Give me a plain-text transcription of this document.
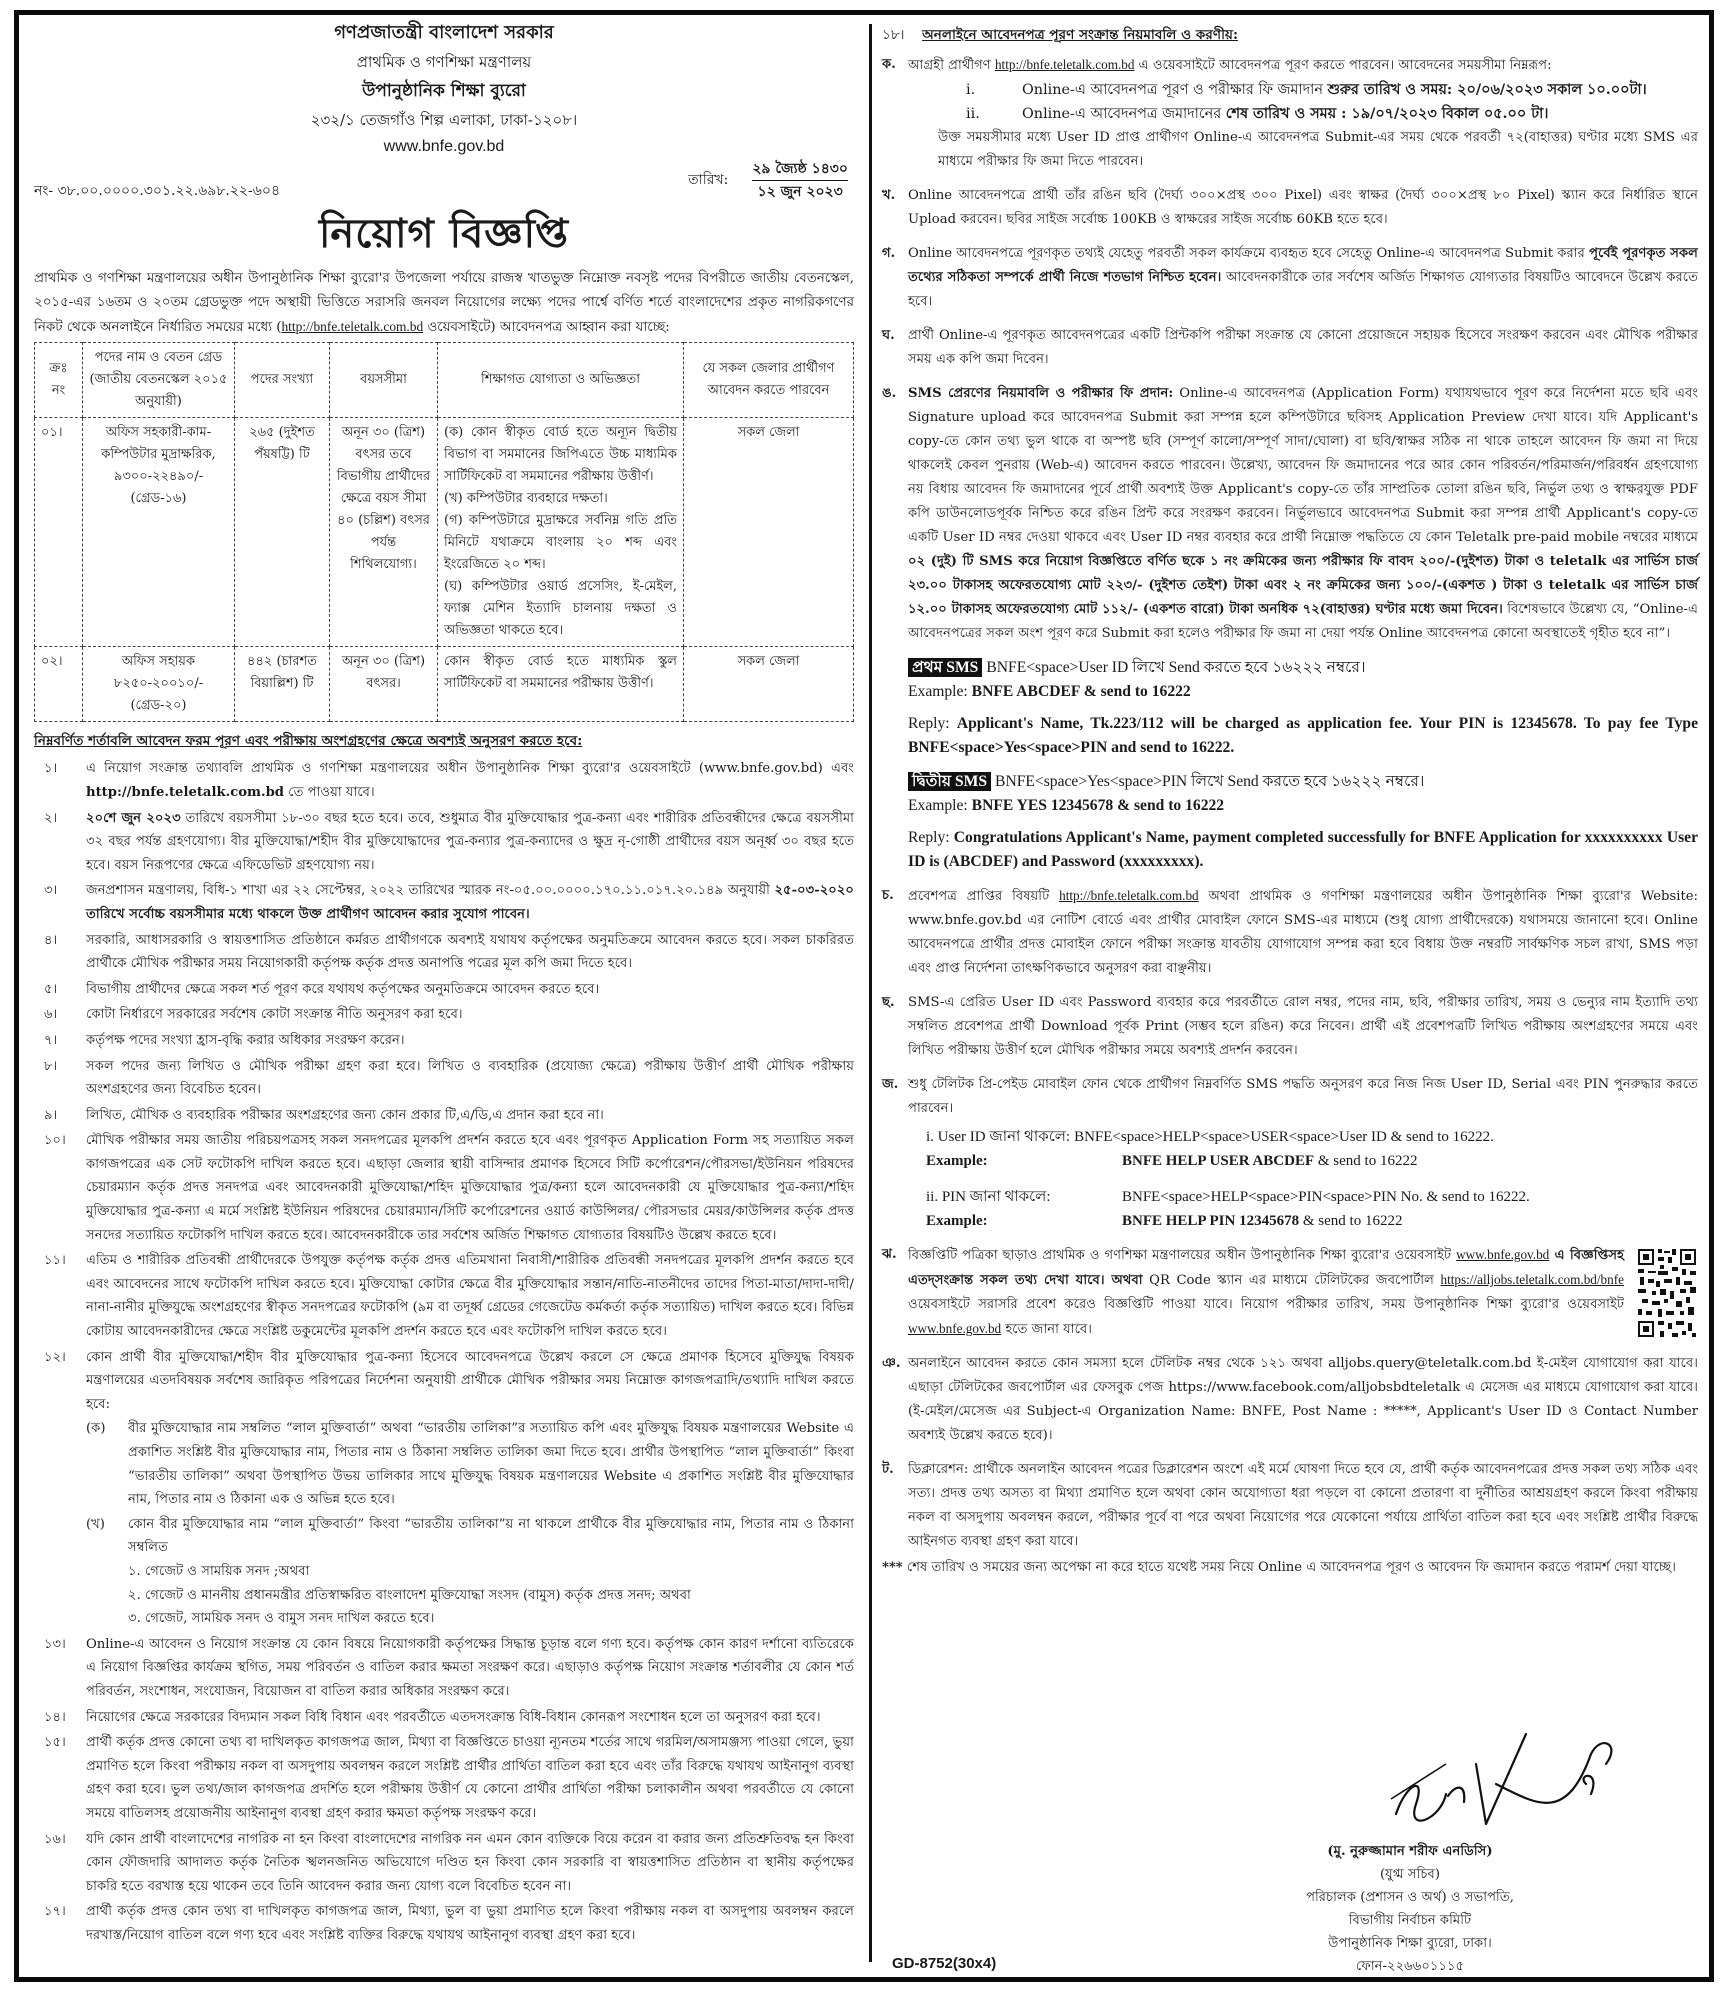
গণপ্রজাতন্ত্রী বাংলাদেশ সরকার
প্রাথমিক ও গণশিক্ষা মন্ত্রণালয়
উপানুষ্ঠানিক শিক্ষা ব্যুরো
২৩২/১ তেজগাঁও শিল্প এলাকা, ঢাকা-১২০৮।
www.bnfe.gov.bd
নং- ৩৮.০০.০০০০.৩০১.২২.৬৯৮.২২-৬০৪
তারিখ:
২৯ জ্যৈষ্ঠ ১৪৩০
১২ জুন ২০২৩
নিয়োগ বিজ্ঞপ্তি

প্রাথমিক ও গণশিক্ষা মন্ত্রণালয়ের অধীন উপানুষ্ঠানিক শিক্ষা ব্যুরো'র উপজেলা পর্যায়ে রাজস্ব খাতভুক্ত নিম্নোক্ত নবসৃষ্ট পদের বিপরীতে জাতীয় বেতনস্কেল, ২০১৫-এর ১৬তম ও ২০তম গ্রেডভুক্ত পদে অস্থায়ী ভিত্তিতে সরাসরি জনবল নিয়োগের লক্ষ্যে পদের পার্শ্বে বর্ণিত শর্তে বাংলাদেশের প্রকৃত নাগরিকগণের নিকট থেকে অনলাইনে নির্ধারিত সময়ের মধ্যে (http://bnfe.teletalk.com.bd ওয়েবসাইটে) আবেদনপত্র আহ্বান করা যাচ্ছে:

ক্রঃ নং	পদের নাম ও বেতন গ্রেড (জাতীয় বেতনস্কেল ২০১৫ অনুযায়ী)	পদের সংখ্যা	বয়সসীমা	শিক্ষাগত যোগ্যতা ও অভিজ্ঞতা	যে সকল জেলার প্রার্থীগণ আবেদন করতে পারবেন
০১।	অফিস সহকারী-কাম-কম্পিউটার মুদ্রাক্ষরিক, ৯৩০০-২২৪৯০/- (গ্রেড-১৬)	২৬৫ (দুইশত পঁয়ষট্টি) টি	অনূন ৩০ (ত্রিশ) বৎসর তবে বিভাগীয় প্রার্থীদের ক্ষেত্রে বয়স সীমা ৪০ (চল্লিশ) বৎসর পর্যন্ত শিথিলযোগ্য।	(ক) কোন স্বীকৃত বোর্ড হতে অন্যূন দ্বিতীয় বিভাগ বা সমমানের জিপিএতে উচ্চ মাধ্যমিক সার্টিফিকেট বা সমমানের পরীক্ষায় উত্তীর্ণ।
(খ) কম্পিউটার ব্যবহারে দক্ষতা।
(গ) কম্পিউটারে মুদ্রাক্ষরে সর্বনিম্ন গতি প্রতি মিনিটে যথাক্রমে বাংলায় ২০ শব্দ এবং ইংরেজিতে ২০ শব্দ।
(ঘ) কম্পিউটার ওয়ার্ড প্রসেসিং, ই-মেইল, ফ্যাক্স মেশিন ইত্যাদি চালনায় দক্ষতা ও অভিজ্ঞতা থাকতে হবে।	সকল জেলা
০২।	অফিস সহায়ক ৮২৫০-২০০১০/- (গ্রেড-২০)	৪৪২ (চারশত বিয়াল্লিশ) টি	অনূন ৩০ (ত্রিশ) বৎসর।	কোন স্বীকৃত বোর্ড হতে মাধ্যমিক স্কুল সার্টিফিকেট বা সমমানের পরীক্ষায় উত্তীর্ণ।	সকল জেলা
নিম্নবর্ণিত শর্তাবলি আবেদন ফরম পূরণ এবং পরীক্ষায় অংশগ্রহণের ক্ষেত্রে অবশ্যই অনুসরণ করতে হবে:
১।	এ নিয়োগ সংক্রান্ত তথ্যাবলি প্রাথমিক ও গণশিক্ষা মন্ত্রণালয়ের অধীন উপানুষ্ঠানিক শিক্ষা ব্যুরো'র ওয়েবসাইটে (www.bnfe.gov.bd) এবং http://bnfe.teletalk.com.bd তে পাওয়া যাবে।
২।	২০শে জুন ২০২৩ তারিখে বয়সসীমা ১৮-৩০ বছর হতে হবে। তবে, শুধুমাত্র বীর মুক্তিযোদ্ধার পুত্র-কন্যা এবং শারীরিক প্রতিবন্ধীদের ক্ষেত্রে বয়সসীমা ৩২ বছর পর্যন্ত গ্রহণযোগ্য। বীর মুক্তিযোদ্ধা/শহীদ বীর মুক্তিযোদ্ধাদের পুত্র-কন্যার পুত্র-কন্যাদের ও ক্ষুদ্র নৃ-গোষ্ঠী প্রার্থীদের বয়স অনূর্ধ্ব ৩০ বছর হতে হবে। বয়স নিরূপণের ক্ষেত্রে এফিডেভিট গ্রহণযোগ্য নয়।
৩।	জনপ্রশাসন মন্ত্রণালয়, বিধি-১ শাখা এর ২২ সেপ্টেম্বর, ২০২২ তারিখের স্মারক নং-০৫.০০.০০০০.১৭০.১১.০১৭.২০.১৪৯ অনুযায়ী ২৫-০৩-২০২০ তারিখে সর্বোচ্চ বয়সসীমার মধ্যে থাকলে উক্ত প্রার্থীগণ আবেদন করার সুযোগ পাবেন।
৪।	সরকারি, আধাসরকারি ও স্বায়ত্তশাসিত প্রতিষ্ঠানে কর্মরত প্রার্থীগণকে অবশ্যই যথাযথ কর্তৃপক্ষের অনুমতিক্রমে আবেদন করতে হবে। সকল চাকরিরত প্রার্থীকে মৌখিক পরীক্ষার সময় নিয়োগকারী কর্তৃপক্ষ কর্তৃক প্রদত্ত অনাপত্তি পত্রের মূল কপি জমা দিতে হবে।
৫।	বিভাগীয় প্রার্থীদের ক্ষেত্রে সকল শর্ত পূরণ করে যথাযথ কর্তৃপক্ষের অনুমতিক্রমে আবেদন করতে হবে।
৬।	কোটা নির্ধারণে সরকারের সর্বশেষ কোটা সংক্রান্ত নীতি অনুসরণ করা হবে।
৭।	কর্তৃপক্ষ পদের সংখ্যা হ্রাস-বৃদ্ধি করার অধিকার সংরক্ষণ করেন।
৮।	সকল পদের জন্য লিখিত ও মৌখিক পরীক্ষা গ্রহণ করা হবে। লিখিত ও ব্যবহারিক (প্রযোজ্য ক্ষেত্রে) পরীক্ষায় উত্তীর্ণ প্রার্থী মৌখিক পরীক্ষায় অংশগ্রহণের জন্য বিবেচিত হবেন।
৯।	লিখিত, মৌখিক ও ব্যবহারিক পরীক্ষার অংশগ্রহণের জন্য কোন প্রকার টি,এ/ডি,এ প্রদান করা হবে না।
১০।	মৌখিক পরীক্ষার সময় জাতীয় পরিচয়পত্রসহ সকল সনদপত্রের মূলকপি প্রদর্শন করতে হবে এবং পূরণকৃত Application Form সহ সত্যায়িত সকল কাগজপত্রের এক সেট ফটোকপি দাখিল করতে হবে। এছাড়া জেলার স্থায়ী বাসিন্দার প্রমাণক হিসেবে সিটি কর্পোরেশন/পৌরসভা/ইউনিয়ন পরিষদের চেয়ারম্যান কর্তৃক প্রদত্ত সনদপত্র এবং আবেদনকারী মুক্তিযোদ্ধা/শহিদ মুক্তিযোদ্ধার পুত্র/কন্যা হলে আবেদনকারী যে মুক্তিযোদ্ধার পুত্র-কন্যা/শহিদ মুক্তিযোদ্ধার পুত্র-কন্যা এ মর্মে সংশ্লিষ্ট ইউনিয়ন পরিষদের চেয়ারম্যান/সিটি কর্পোরেশনের ওয়ার্ড কাউন্সিলর/ পৌরসভার মেয়র/কাউন্সিলর কর্তৃক প্রদত্ত সনদের সত্যায়িত ফটোকপি দাখিল করতে হবে। আবেদনকারীকে তার সর্বশেষ অর্জিত শিক্ষাগত যোগ্যতার বিষয়টিও উল্লেখ করতে হবে।
১১।	এতিম ও শারীরিক প্রতিবন্ধী প্রার্থীদেরকে উপযুক্ত কর্তৃপক্ষ কর্তৃক প্রদত্ত এতিমখানা নিবাসী/শারীরিক প্রতিবন্ধী সনদপত্রের মূলকপি প্রদর্শন করতে হবে এবং আবেদনের সাথে ফটোকপি দাখিল করতে হবে। মুক্তিযোদ্ধা কোটার ক্ষেত্রে বীর মুক্তিযোদ্ধার সন্তান/নাতি-নাতনীদের তাদের পিতা-মাতা/দাদা-দাদী/নানা-নানীর মুক্তিযুদ্ধে অংশগ্রহণের স্বীকৃত সনদপত্রের ফটোকপি (৯ম বা তদূর্ধ্ব গ্রেডের গেজেটেড কর্মকর্তা কর্তৃক সত্যায়িত) দাখিল করতে হবে। বিভিন্ন কোটায় আবেদনকারীদের ক্ষেত্রে সংশ্লিষ্ট ডকুমেন্টের মূলকপি প্রদর্শন করতে হবে এবং ফটোকপি দাখিল করতে হবে।
১২।	কোন প্রার্থী বীর মুক্তিযোদ্ধা/শহীদ বীর মুক্তিযোদ্ধার পুত্র-কন্যা হিসেবে আবেদনপত্রে উল্লেখ করলে সে ক্ষেত্রে প্রমাণক হিসেবে মুক্তিযুদ্ধ বিষয়ক মন্ত্রণালয়ের এতদবিষয়ক সর্বশেষ জারিকৃত পরিপত্রের নির্দেশনা অনুযায়ী প্রার্থীকে মৌখিক পরীক্ষার সময় নিম্নোক্ত কাগজপত্রাদি/তথ্যাদি দাখিল করতে হবে:
(ক)	বীর মুক্তিযোদ্ধার নাম সম্বলিত “লাল মুক্তিবার্তা” অথবা “ভারতীয় তালিকা”র সত্যায়িত কপি এবং মুক্তিযুদ্ধ বিষয়ক মন্ত্রণালয়ের Website এ প্রকাশিত সংশ্লিষ্ট বীর মুক্তিযোদ্ধার নাম, পিতার নাম ও ঠিকানা সম্বলিত তালিকা জমা দিতে হবে। প্রার্থীর উপস্থাপিত “লাল মুক্তিবার্তা” কিংবা “ভারতীয় তালিকা” অথবা উপস্থাপিত উভয় তালিকার সাথে মুক্তিযুদ্ধ বিষয়ক মন্ত্রণালয়ের Website এ প্রকাশিত সংশ্লিষ্ট বীর মুক্তিযোদ্ধার নাম, পিতার নাম ও ঠিকানা এক ও অভিন্ন হতে হবে।
(খ)	কোন বীর মুক্তিযোদ্ধার নাম “লাল মুক্তিবার্তা” কিংবা “ভারতীয় তালিকা”য় না থাকলে প্রার্থীকে বীর মুক্তিযোদ্ধার নাম, পিতার নাম ও ঠিকানা সম্বলিত
১. গেজেট ও সাময়িক সনদ ;অথবা
২. গেজেট ও মাননীয় প্রধানমন্ত্রীর প্রতিস্বাক্ষরিত বাংলাদেশ মুক্তিযোদ্ধা সংসদ (বামুস) কর্তৃক প্রদত্ত সনদ; অথবা
৩. গেজেট, সাময়িক সনদ ও বামুস সনদ দাখিল করতে হবে।
১৩।	Online-এ আবেদন ও নিয়োগ সংক্রান্ত যে কোন বিষয়ে নিয়োগকারী কর্তৃপক্ষের সিদ্ধান্ত চূড়ান্ত বলে গণ্য হবে। কর্তৃপক্ষ কোন কারণ দর্শানো ব্যতিরেকে এ নিয়োগ বিজ্ঞপ্তির কার্যক্রম স্থগিত, সময় পরিবর্তন ও বাতিল করার ক্ষমতা সংরক্ষণ করে। এছাড়াও কর্তৃপক্ষ নিয়োগ সংক্রান্ত শর্তাবলীর যে কোন শর্ত পরিবর্তন, সংশোধন, সংযোজন, বিয়োজন বা বাতিল করার অধিকার সংরক্ষণ করে।
১৪।	নিয়োগের ক্ষেত্রে সরকারের বিদ্যমান সকল বিধি বিধান এবং পরবর্তীতে এতদসংক্রান্ত বিধি-বিধান কোনরূপ সংশোধন হলে তা অনুসরণ করা হবে।
১৫।	প্রার্থী কর্তৃক প্রদত্ত কোনো তথ্য বা দাখিলকৃত কাগজপত্র জাল, মিথ্যা বা বিজ্ঞপ্তিতে চাওয়া ন্যূনতম শর্তের সাথে গরমিল/অসামঞ্জস্য পাওয়া গেলে, ভুয়া প্রমাণিত হলে কিংবা পরীক্ষায় নকল বা অসদুপায় অবলম্বন করলে সংশ্লিষ্ট প্রার্থীর প্রার্থিতা বাতিল করা হবে এবং তাঁর বিরুদ্ধে যথাযথ আইনানুগ ব্যবস্থা গ্রহণ করা হবে। ভুল তথ্য/জাল কাগজপত্র প্রদর্শিত হলে পরীক্ষায় উত্তীর্ণ যে কোনো প্রার্থীর প্রার্থিতা পরীক্ষা চলাকালীন অথবা পরবর্তীতে যে কোনো সময়ে বাতিলসহ প্রয়োজনীয় আইনানুগ ব্যবস্থা গ্রহণ করার ক্ষমতা কর্তৃপক্ষ সংরক্ষণ করে।
১৬।	যদি কোন প্রার্থী বাংলাদেশের নাগরিক না হন কিংবা বাংলাদেশের নাগরিক নন এমন কোন ব্যক্তিকে বিয়ে করেন বা করার জন্য প্রতিশ্রুতিবদ্ধ হন কিংবা কোন ফৌজদারি আদালত কর্তৃক নৈতিক স্খলনজনিত অভিযোগে দণ্ডিত হন কিংবা কোন সরকারি বা স্বায়ত্তশাসিত প্রতিষ্ঠান বা স্থানীয় কর্তৃপক্ষের চাকরি হতে বরখাস্ত হয়ে থাকেন তবে তিনি আবেদন করার জন্য যোগ্য বলে বিবেচিত হবেন না।
১৭।	প্রার্থী কর্তৃক প্রদত্ত কোন তথ্য বা দাখিলকৃত কাগজপত্র জাল, মিথ্যা, ভুল বা ভুয়া প্রমাণিত হলে কিংবা পরীক্ষায় নকল বা অসদুপায় অবলম্বন করলে দরখাস্ত/নিয়োগ বাতিল বলে গণ্য হবে এবং সংশ্লিষ্ট ব্যক্তির বিরুদ্ধে যথাযথ আইনানুগ ব্যবস্থা গ্রহণ করা হবে।
১৮।	অনলাইনে আবেদনপত্র পূরণ সংক্রান্ত নিয়মাবলি ও করণীয়:
ক. আগ্রহী প্রার্থীগণ http://bnfe.teletalk.com.bd এ ওয়েবসাইটে আবেদনপত্র পূরণ করতে পারবেন। আবেদনের সময়সীমা নিম্নরূপ:
i.	Online-এ আবেদনপত্র পূরণ ও পরীক্ষার ফি জমাদান শুরুর তারিখ ও সময়: ২০/০৬/২০২৩ সকাল ১০.০০টা।
ii.	Online-এ আবেদনপত্র জমাদানের শেষ তারিখ ও সময় : ১৯/০৭/২০২৩ বিকাল ০৫.০০ টা।
উক্ত সময়সীমার মধ্যে User ID প্রাপ্ত প্রার্থীগণ Online-এ আবেদনপত্র Submit-এর সময় থেকে পরবর্তী ৭২(বাহাত্তর) ঘণ্টার মধ্যে SMS এর মাধ্যমে পরীক্ষার ফি জমা দিতে পারবেন।
খ. Online আবেদনপত্রে প্রার্থী তাঁর রঙিন ছবি (দৈর্ঘ্য ৩০০×প্রস্থ ৩০০ Pixel) এবং স্বাক্ষর (দৈর্ঘ্য ৩০০×প্রস্থ ৮০ Pixel) স্ক্যান করে নির্ধারিত স্থানে Upload করবেন। ছবির সাইজ সর্বোচ্চ 100KB ও স্বাক্ষরের সাইজ সর্বোচ্চ 60KB হতে হবে।
গ. Online আবেদনপত্রে পূরণকৃত তথ্যই যেহেতু পরবর্তী সকল কার্যক্রমে ব্যবহৃত হবে সেহেতু Online-এ আবেদনপত্র Submit করার পূর্বেই পূরণকৃত সকল তথ্যের সঠিকতা সম্পর্কে প্রার্থী নিজে শতভাগ নিশ্চিত হবেন। আবেদনকারীকে তার সর্বশেষ অর্জিত শিক্ষাগত যোগ্যতার বিষয়টিও আবেদনে উল্লেখ করতে হবে।
ঘ.	প্রার্থী Online-এ পূরণকৃত আবেদনপত্রের একটি প্রিন্টকপি পরীক্ষা সংক্রান্ত যে কোনো প্রয়োজনে সহায়ক হিসেবে সংরক্ষণ করবেন এবং মৌখিক পরীক্ষার সময় এক কপি জমা দিবেন।
ঙ. SMS প্রেরণের নিয়মাবলি ও পরীক্ষার ফি প্রদান: Online-এ আবেদনপত্র (Application Form) যথাযথভাবে পূরণ করে নির্দেশনা মতে ছবি এবং Signature upload করে আবেদনপত্র Submit করা সম্পন্ন হলে কম্পিউটারে ছবিসহ Application Preview দেখা যাবে। যদি Applicant's copy-তে কোন তথ্য ভুল থাকে বা অস্পষ্ট ছবি (সম্পূর্ণ কালো/সম্পূর্ণ সাদা/ঘোলা) বা ছবি/স্বাক্ষর সঠিক না থাকে তাহলে আবেদন ফি জমা না দিয়ে থাকলেই কেবল পুনরায় (Web-এ) আবেদন করতে পারবেন। উল্লেখ্য, আবেদন ফি জমাদানের পরে আর কোন পরিবর্তন/পরিমার্জন/পরিবর্ধন গ্রহণযোগ্য নয় বিধায় আবেদন ফি জমাদানের পূর্বে প্রার্থী অবশ্যই উক্ত Applicant's copy-তে তাঁর সাম্প্রতিক তোলা রঙিন ছবি, নির্ভুল তথ্য ও স্বাক্ষরযুক্ত PDF কপি ডাউনলোডপূর্বক নিশ্চিত করে রঙিন প্রিন্ট করে সংরক্ষণ করবেন। নির্ভুলভাবে আবেদনপত্র Submit করা সম্পন্ন প্রার্থী Applicant's copy-তে একটি User ID নম্বর দেওয়া থাকবে এবং User ID নম্বর ব্যবহার করে প্রার্থী নিম্নোক্ত পদ্ধতিতে যে কোন Teletalk pre-paid mobile নম্বরের মাধ্যমে ০২ (দুই) টি SMS করে নিয়োগ বিজ্ঞপ্তিতে বর্ণিত ছকে ১ নং ক্রমিকের জন্য পরীক্ষার ফি বাবদ ২০০/-(দুইশত) টাকা ও teletalk এর সার্ভিস চার্জ ২৩.০০ টাকাসহ অফেরতযোগ্য মোট ২২৩/- (দুইশত তেইশ) টাকা এবং ২ নং ক্রমিকের জন্য ১০০/-(একশত ) টাকা ও teletalk এর সার্ভিস চার্জ ১২.০০ টাকাসহ অফেরতযোগ্য মোট ১১২/- (একশত বারো) টাকা অনধিক ৭২(বাহাত্তর) ঘণ্টার মধ্যে জমা দিবেন। বিশেষভাবে উল্লেখ্য যে, “Online-এ আবেদনপত্রের সকল অংশ পূরণ করে Submit করা হলেও পরীক্ষার ফি জমা না দেয়া পর্যন্ত Online আবেদনপত্র কোনো অবস্থাতেই গৃহীত হবে না”।
প্রথম SMS BNFE<space>User ID লিখে Send করতে হবে ১৬২২২ নম্বরে।
Example: BNFE ABCDEF & send to 16222
Reply: Applicant's Name, Tk.223/112 will be charged as application fee. Your PIN is 12345678. To pay fee Type BNFE<space>Yes<space>PIN and send to 16222.
দ্বিতীয় SMS BNFE<space>Yes<space>PIN লিখে Send করতে হবে ১৬২২২ নম্বরে।
Example: BNFE YES 12345678 & send to 16222
Reply: Congratulations Applicant's Name, payment completed successfully for BNFE Application for xxxxxxxxxx User ID is (ABCDEF) and Password (xxxxxxxxx).
চ.	প্রবেশপত্র প্রাপ্তির বিষয়টি http://bnfe.teletalk.com.bd অথবা প্রাথমিক ও গণশিক্ষা মন্ত্রণালয়ের অধীন উপানুষ্ঠানিক শিক্ষা ব্যুরো'র Website: www.bnfe.gov.bd এর নোটিশ বোর্ডে এবং প্রার্থীর মোবাইল ফোনে SMS-এর মাধ্যমে (শুধু যোগ্য প্রার্থীদেরকে) যথাসময়ে জানানো হবে। Online আবেদনপত্রে প্রার্থীর প্রদত্ত মোবাইল ফোনে পরীক্ষা সংক্রান্ত যাবতীয় যোগাযোগ সম্পন্ন করা হবে বিধায় উক্ত নম্বরটি সার্বক্ষণিক সচল রাখা, SMS পড়া এবং প্রাপ্ত নির্দেশনা তাৎক্ষণিকভাবে অনুসরণ করা বাঞ্ছনীয়।
ছ.	SMS-এ প্রেরিত User ID এবং Password ব্যবহার করে পরবর্তীতে রোল নম্বর, পদের নাম, ছবি, পরীক্ষার তারিখ, সময় ও ভেন্যুর নাম ইত্যাদি তথ্য সম্বলিত প্রবেশপত্র প্রার্থী Download পূর্বক Print (সম্ভব হলে রঙিন) করে নিবেন। প্রার্থী এই প্রবেশপত্রটি লিখিত পরীক্ষায় অংশগ্রহণের সময়ে এবং লিখিত পরীক্ষায় উত্তীর্ণ হলে মৌখিক পরীক্ষার সময়ে অবশ্যই প্রদর্শন করবেন।
জ. শুধু টেলিটক প্রি-পেইড মোবাইল ফোন থেকে প্রার্থীগণ নিম্নবর্ণিত SMS পদ্ধতি অনুসরণ করে নিজ নিজ User ID, Serial এবং PIN পুনরুদ্ধার করতে পারবেন।
i. User ID জানা থাকলে: BNFE<space>HELP<space>USER<space>User ID & send to 16222.
Example:	BNFE HELP USER ABCDEF & send to 16222
ii. PIN জানা থাকলে:	BNFE<space>HELP<space>PIN<space>PIN No. & send to 16222.
Example:	BNFE HELP PIN 12345678 & send to 16222
ঝ. বিজ্ঞপ্তিটি পত্রিকা ছাড়াও প্রাথমিক ও গণশিক্ষা মন্ত্রণালয়ের অধীন উপানুষ্ঠানিক শিক্ষা ব্যুরো'র ওয়েবসাইট www.bnfe.gov.bd এ বিজ্ঞপ্তিসহ এতদ্‌সংক্রান্ত সকল তথ্য দেখা যাবে। অথবা QR Code স্ক্যান এর মাধ্যমে টেলিটকের জবপোর্টাল https://alljobs.teletalk.com.bd/bnfe ওয়েবসাইটে সরাসরি প্রবেশ করেও বিজ্ঞপ্তিটি পাওয়া যাবে। নিয়োগ পরীক্ষার তারিখ, সময় উপানুষ্ঠানিক শিক্ষা ব্যুরো'র ওয়েবসাইট www.bnfe.gov.bd হতে জানা যাবে।
ঞ. অনলাইনে আবেদন করতে কোন সমস্যা হলে টেলিটক নম্বর থেকে ১২১ অথবা alljobs.query@teletalk.com.bd ই-মেইল যোগাযোগ করা যাবে। এছাড়া টেলিটকের জবপোর্টাল এর ফেসবুক পেজ https://www.facebook.com/alljobsbdteletalk এ মেসেজ এর মাধ্যমে যোগাযোগ করা যাবে। (ই-মেইল/মেসেজ এর Subject-এ Organization Name: BNFE, Post Name : *****, Applicant's User ID ও Contact Number অবশ্যই উল্লেখ করতে হবে)।
ট.	ডিক্লারেশন: প্রার্থীকে অনলাইন আবেদন পত্রের ডিক্লারেশন অংশে এই মর্মে ঘোষণা দিতে হবে যে, প্রার্থী কর্তৃক আবেদনপত্রের প্রদত্ত সকল তথ্য সঠিক এবং সত্য। প্রদত্ত তথ্য অসত্য বা মিথ্যা প্রমাণিত হলে অথবা কোন অযোগ্যতা ধরা পড়লে বা কোনো প্রতারণা বা দুর্নীতির আশ্রয়গ্রহণ করলে কিংবা পরীক্ষায় নকল বা অসদুপায় অবলম্বন করলে, পরীক্ষার পূর্বে বা পরে অথবা নিয়োগের পরে যেকোনো পর্যায়ে প্রার্থিতা বাতিল করা হবে এবং সংশ্লিষ্ট প্রার্থীর বিরুদ্ধে আইনগত ব্যবস্থা গ্রহণ করা যাবে।
*** শেষ তারিখ ও সময়ের জন্য অপেক্ষা না করে হাতে যথেষ্ট সময় নিয়ে Online এ আবেদনপত্র পূরণ ও আবেদন ফি জমাদান করতে পরামর্শ দেয়া যাচ্ছে।
(মু. নুরুজ্জামান শরীফ এনডিসি)
(যুগ্ম সচিব)
পরিচালক (প্রশাসন ও অর্থ) ও সভাপতি,
বিভাগীয় নির্বাচন কমিটি
উপানুষ্ঠানিক শিক্ষা ব্যুরো, ঢাকা।
ফোন-২২৬৬০১১১৫
GD-8752(30x4)
